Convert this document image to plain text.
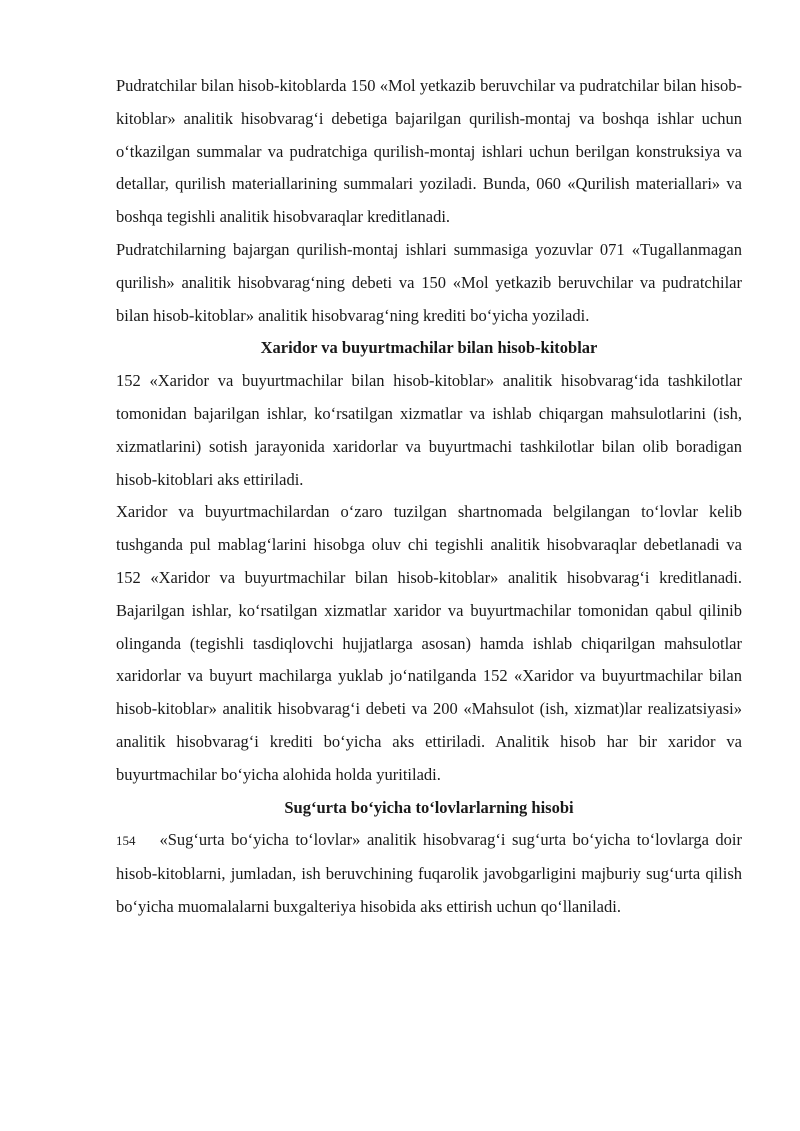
Pudratchilar bilan hisob-kitoblarda 150 «Mol yetkazib beruvchilar va pudratchilar bilan hisob-kitoblar» analitik hisobvarag‘i debetiga bajarilgan qurilish-montaj va boshqa ishlar uchun o‘tkazilgan summalar va pudratchiga qurilish-montaj ishlari uchun berilgan konstruksiya va detallar, qurilish materiallarining summalari yoziladi. Bunda, 060 «Qurilish materiallari» va boshqa tegishli analitik hisobvaraqlar kreditlanadi.

Pudratchilarning bajargan qurilish-montaj ishlari summasiga yozuvlar 071 «Tugallanmagan qurilish» analitik hisobvarag‘ning debeti va 150 «Mol yetkazib beruvchilar va pudratchilar bilan hisob-kitoblar» analitik hisobvarag‘ning krediti bo‘yicha yoziladi.

Xaridor va buyurtmachilar bilan hisob-kitoblar

152 «Xaridor va buyurtmachilar bilan hisob-kitoblar» analitik hisobvarag‘ida tashkilotlar tomonidan bajarilgan ishlar, ko‘rsatilgan xizmatlar va ishlab chiqargan mahsulotlarini (ish, xizmatlarini) sotish jarayonida xaridorlar va buyurtmachi tashkilotlar bilan olib boradigan hisob-kitoblari aks ettiriladi.

Xaridor va buyurtmachilardan o‘zaro tuzilgan shartnomada belgilangan to‘lovlar kelib tushganda pul mablag‘larini hisobga oluv chi tegishli analitik hisobvaraqlar debetlanadi va 152 «Xaridor va buyurtmachilar bilan hisob-kitoblar» analitik hisobvarag‘i kreditlanadi. Bajarilgan ishlar, ko‘rsatilgan xizmatlar xaridor va buyurtmachilar tomonidan qabul qilinib olinganda (tegishli tasdiqlovchi hujjatlarga asosan) hamda ishlab chiqarilgan mahsulotlar xaridorlar va buyurt machilarga yuklab jo‘natilganda 152 «Xaridor va buyurtmachilar bilan hisob-kitoblar» analitik hisobvarag‘i debeti va 200 «Mahsulot (ish, xizmat)lar realizatsiyasi» analitik hisobvarag‘i krediti bo‘yicha aks ettiriladi. Analitik hisob har bir xaridor va buyurtmachilar bo‘yicha alohida holda yuritiladi.

Sug‘urta bo‘yicha to‘lovlarlarning hisobi

154 «Sug‘urta bo‘yicha to‘lovlar» analitik hisobvarag‘i sug‘urta bo‘yicha to‘lovlarga doir hisob-kitoblarni, jumladan, ish beruvchining fuqarolik javobgarligini majburiy sug‘urta qilish bo‘yicha muomalalarni buxgalteriya hisobida aks ettirish uchun qo‘llaniladi.
